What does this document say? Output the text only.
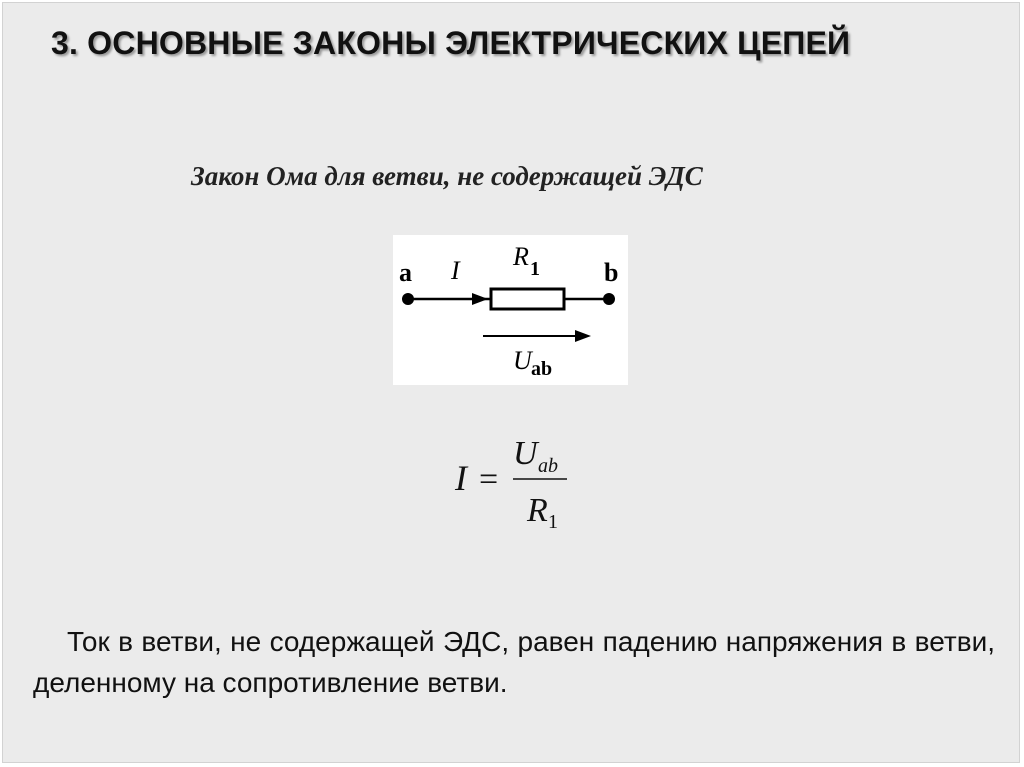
3. ОСНОВНЫЕ ЗАКОНЫ ЭЛЕКТРИЧЕСКИХ ЦЕПЕЙ
Закон Ома для ветви, не содержащей ЭДС
a	b
I R 1
U ab
I =
U ab
R 1
Ток в ветви, не содержащей ЭДС, равен падению напряжения в ветви, деленному на сопротивление ветви.
